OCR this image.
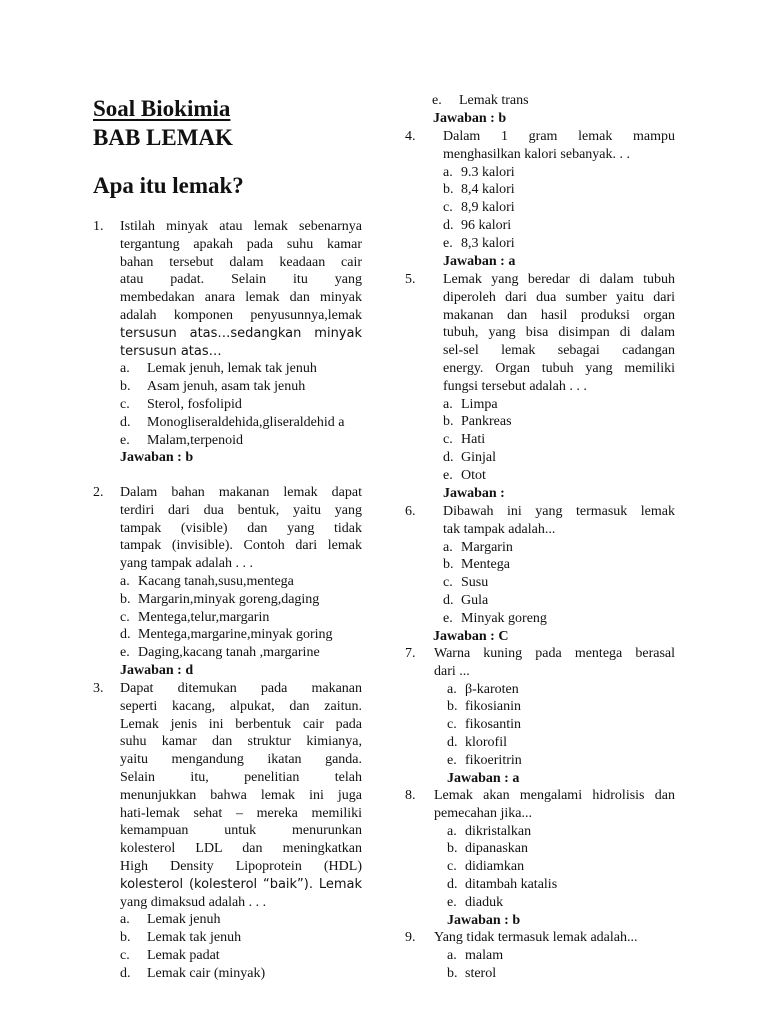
Soal Biokimia
BAB LEMAK
Apa itu lemak?
1. Istilah minyak atau lemak sebenarnya
tergantung apakah pada suhu kamar
bahan tersebut dalam keadaan cair
atau padat. Selain itu yang
membedakan anara lemak dan minyak
adalah komponen penyusunnya,lemak
tersusun atas…sedangkan minyak
tersusun atas…
a. Lemak jenuh, lemak tak jenuh
b. Asam jenuh, asam tak jenuh
c. Sterol, fosfolipid
d. Monogliseraldehida,gliseraldehid a
e. Malam,terpenoid
Jawaban : b
2. Dalam bahan makanan lemak dapat
terdiri dari dua bentuk, yaitu yang
tampak (visible) dan yang tidak
tampak (invisible). Contoh dari lemak
yang tampak adalah . . .
a. Kacang tanah,susu,mentega
b. Margarin,minyak goreng,daging
c. Mentega,telur,margarin
d. Mentega,margarine,minyak goring
e. Daging,kacang tanah ,margarine
Jawaban : d
3. Dapat ditemukan pada makanan
seperti kacang, alpukat, dan zaitun.
Lemak jenis ini berbentuk cair pada
suhu kamar dan struktur kimianya,
yaitu mengandung ikatan ganda.
Selain itu, penelitian telah
menunjukkan bahwa lemak ini juga
hati-lemak sehat – mereka memiliki
kemampuan untuk menurunkan
kolesterol LDL dan meningkatkan
High Density Lipoprotein (HDL)
kolesterol (kolesterol “baik”). Lemak
yang dimaksud adalah . . .
a. Lemak jenuh
b. Lemak tak jenuh
c. Lemak padat
d. Lemak cair (minyak)
e. Lemak trans
Jawaban : b
4. Dalam 1 gram lemak mampu
menghasilkan kalori sebanyak. . .
a. 9.3 kalori
b. 8,4 kalori
c. 8,9 kalori
d. 96 kalori
e. 8,3 kalori
Jawaban : a
5. Lemak yang beredar di dalam tubuh
diperoleh dari dua sumber yaitu dari
makanan dan hasil produksi organ
tubuh, yang bisa disimpan di dalam
sel-sel lemak sebagai cadangan
energy. Organ tubuh yang memiliki
fungsi tersebut adalah . . .
a. Limpa
b. Pankreas
c. Hati
d. Ginjal
e. Otot
Jawaban :
6. Dibawah ini yang termasuk lemak
tak tampak adalah...
a. Margarin
b. Mentega
c. Susu
d. Gula
e. Minyak goreng
Jawaban : C
7. Warna kuning pada mentega berasal
dari ...
a. β-karoten
b. fikosianin
c. fikosantin
d. klorofil
e. fikoeritrin
Jawaban : a
8. Lemak akan mengalami hidrolisis dan
pemecahan jika...
a. dikristalkan
b. dipanaskan
c. didiamkan
d. ditambah katalis
e. diaduk
Jawaban : b
9. Yang tidak termasuk lemak adalah...
a. malam
b. sterol
